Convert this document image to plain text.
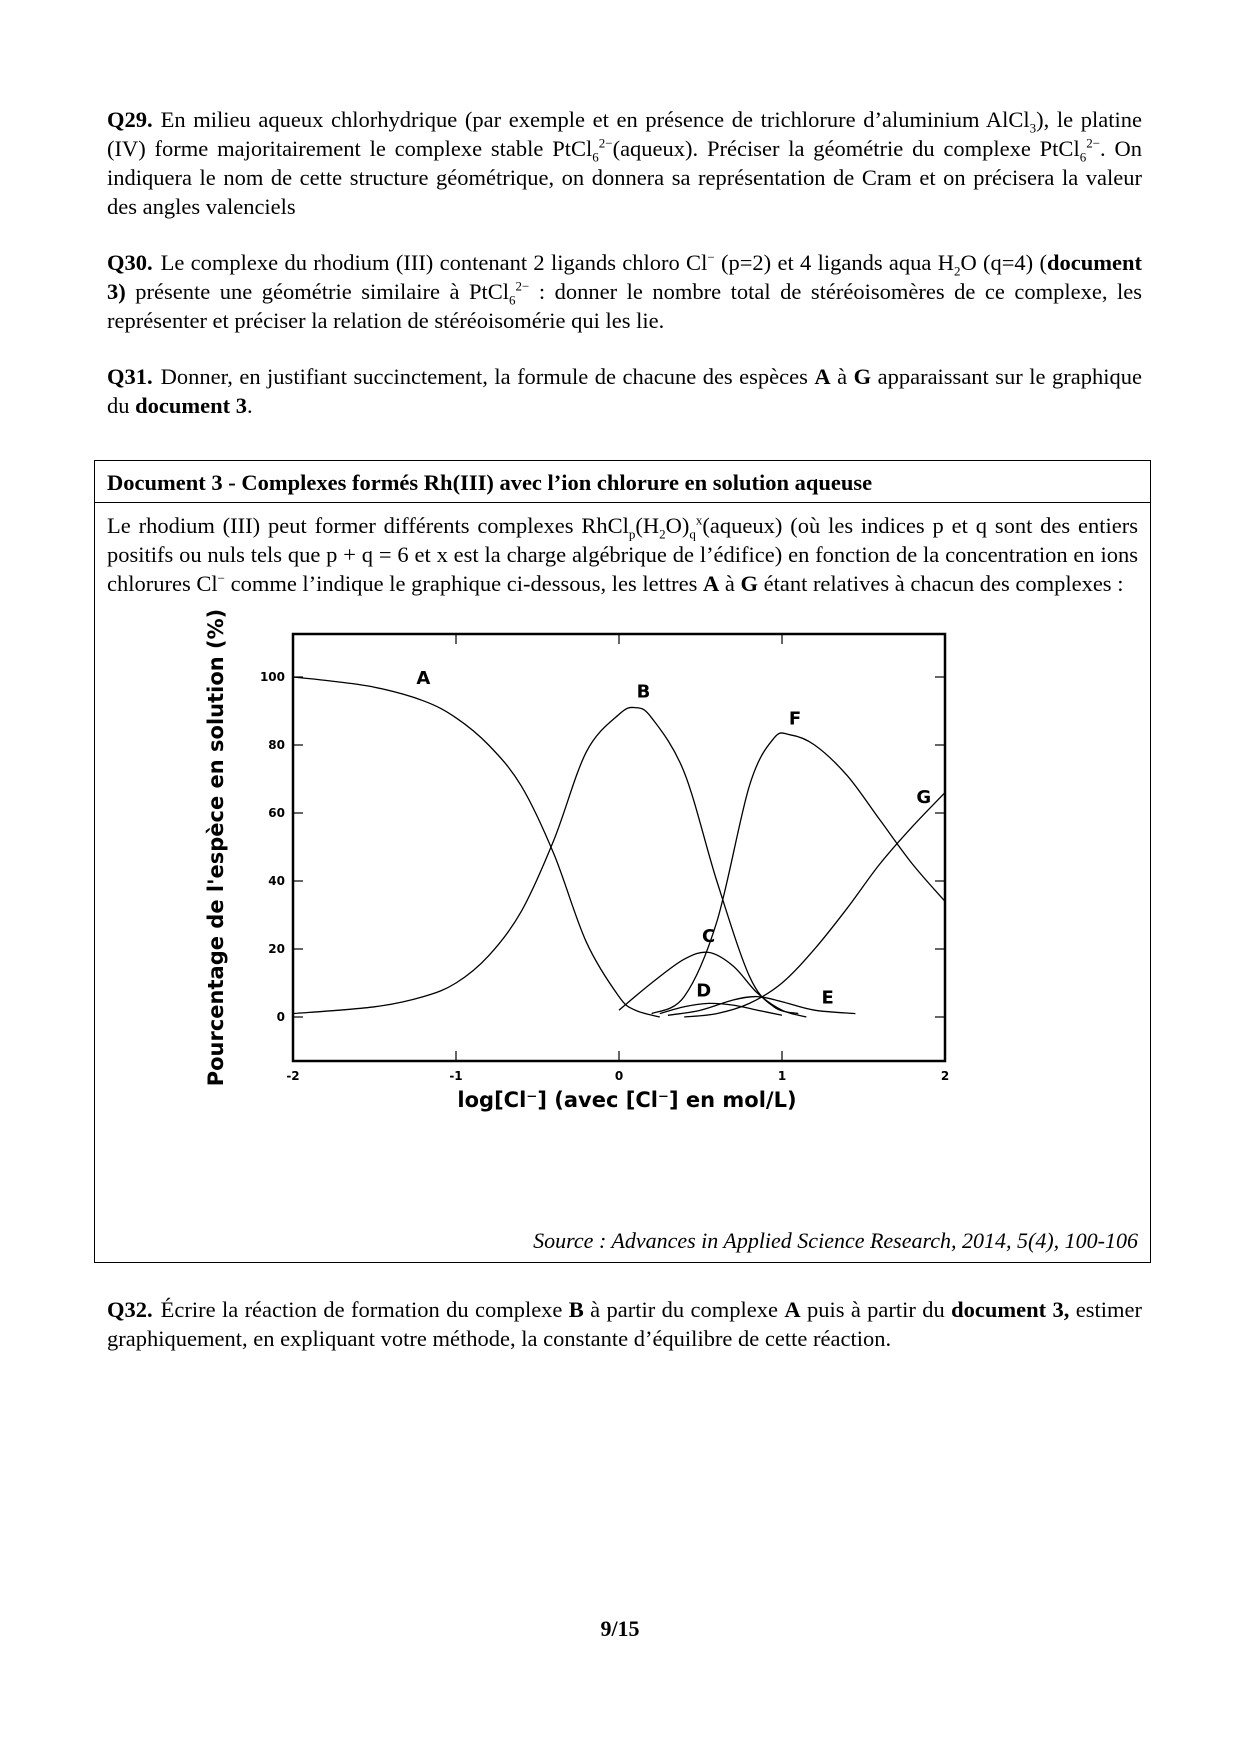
Q29. En milieu aqueux chlorhydrique (par exemple et en présence de trichlorure d’aluminium AlCl$_3$), le platine (IV) forme majoritairement le complexe stable PtCl$_6^{2-}$(aqueux). Préciser la géométrie du complexe PtCl$_6^{2-}$. On indiquera le nom de cette structure géométrique, on donnera sa représentation de Cram et on précisera la valeur des angles valenciels

Q30. Le complexe du rhodium (III) contenant 2 ligands chloro Cl− (p=2) et 4 ligands aqua $H_2O$ (q=4) (document 3) présente une géométrie similaire à PtCl$_6^{2-}$ : donner le nombre total de stéréoisomères de ce complexe, les représenter et préciser la relation de stéréoisomérie qui les lie.

Q31. Donner, en justifiant succinctement, la formule de chacune des espèces A à G apparaissant sur le graphique du document 3.

Document 3 - Complexes formés Rh(III) avec l’ion chlorure en solution aqueuse
Le rhodium (III) peut former différents complexes $RhCl_p(H_2O)_q^x(aqueux)$ (où les indices p et q sont des entiers positifs ou nuls tels que p + q = 6 et x est la charge algébrique de l’édifice) en fonction de la concentration en ions chlorures Cl− comme l’indique le graphique ci-dessous, les lettres A à G étant relatives à chacun des complexes :
0
20
40
60
80
100
-2	-1	0	1	2
log[Cl⁻] (avec [Cl⁻] en mol/L)
Pourcentage de l'espèce en solution (%)	A
B
C
D	E
F
G
Source : Advances in Applied Science Research, 2014, 5(4), 100-106

Q32. Écrire la réaction de formation du complexe B à partir du complexe A puis à partir du document 3, estimer graphiquement, en expliquant votre méthode, la constante d’équilibre de cette réaction.

9/15
